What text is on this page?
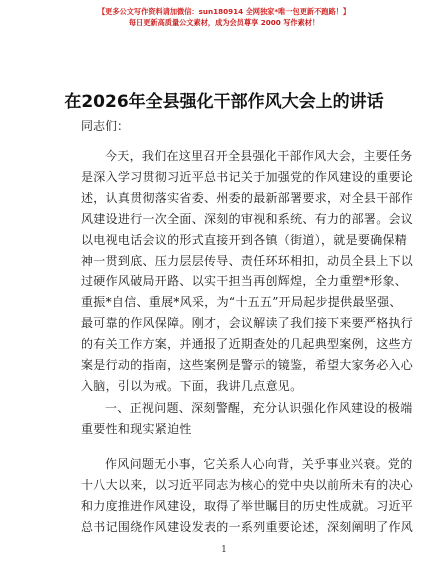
【更多公文写作资料请加微信：sun180914 全网独家*唯一包更新不跑路！】
每日更新高质量公文素材，成为会员尊享 2000 写作素材！
在2026年全县强化干部作风大会上的讲话
同志们：
今天，我们在这里召开全县强化干部作风大会，主要任务
是深入学习贯彻习近平总书记关于加强党的作风建设的重要论
述，认真贯彻落实省委、州委的最新部署要求，对全县干部作
风建设进行一次全面、深刻的审视和系统、有力的部署。会议
以电视电话会议的形式直接开到各镇（街道），就是要确保精
神一贯到底、压力层层传导、责任环环相扣，动员全县上下以
过硬作风破局开路、以实干担当再创辉煌，全力重塑*形象、
重振*自信、重展*风采，为“十五五”开局起步提供最坚强、
最可靠的作风保障。刚才，会议解读了我们接下来要严格执行
的有关工作方案，并通报了近期查处的几起典型案例，这些方
案是行动的指南，这些案例是警示的镜鉴，希望大家务必入心
入脑，引以为戒。下面，我讲几点意见。
一、正视问题、深刻警醒，充分认识强化作风建设的极端
重要性和现实紧迫性
作风问题无小事，它关系人心向背，关乎事业兴衰。党的
十八大以来，以习近平同志为核心的党中央以前所未有的决心
和力度推进作风建设，取得了举世瞩目的历史性成就。习近平
总书记围绕作风建设发表的一系列重要论述，深刻阐明了作风
1
